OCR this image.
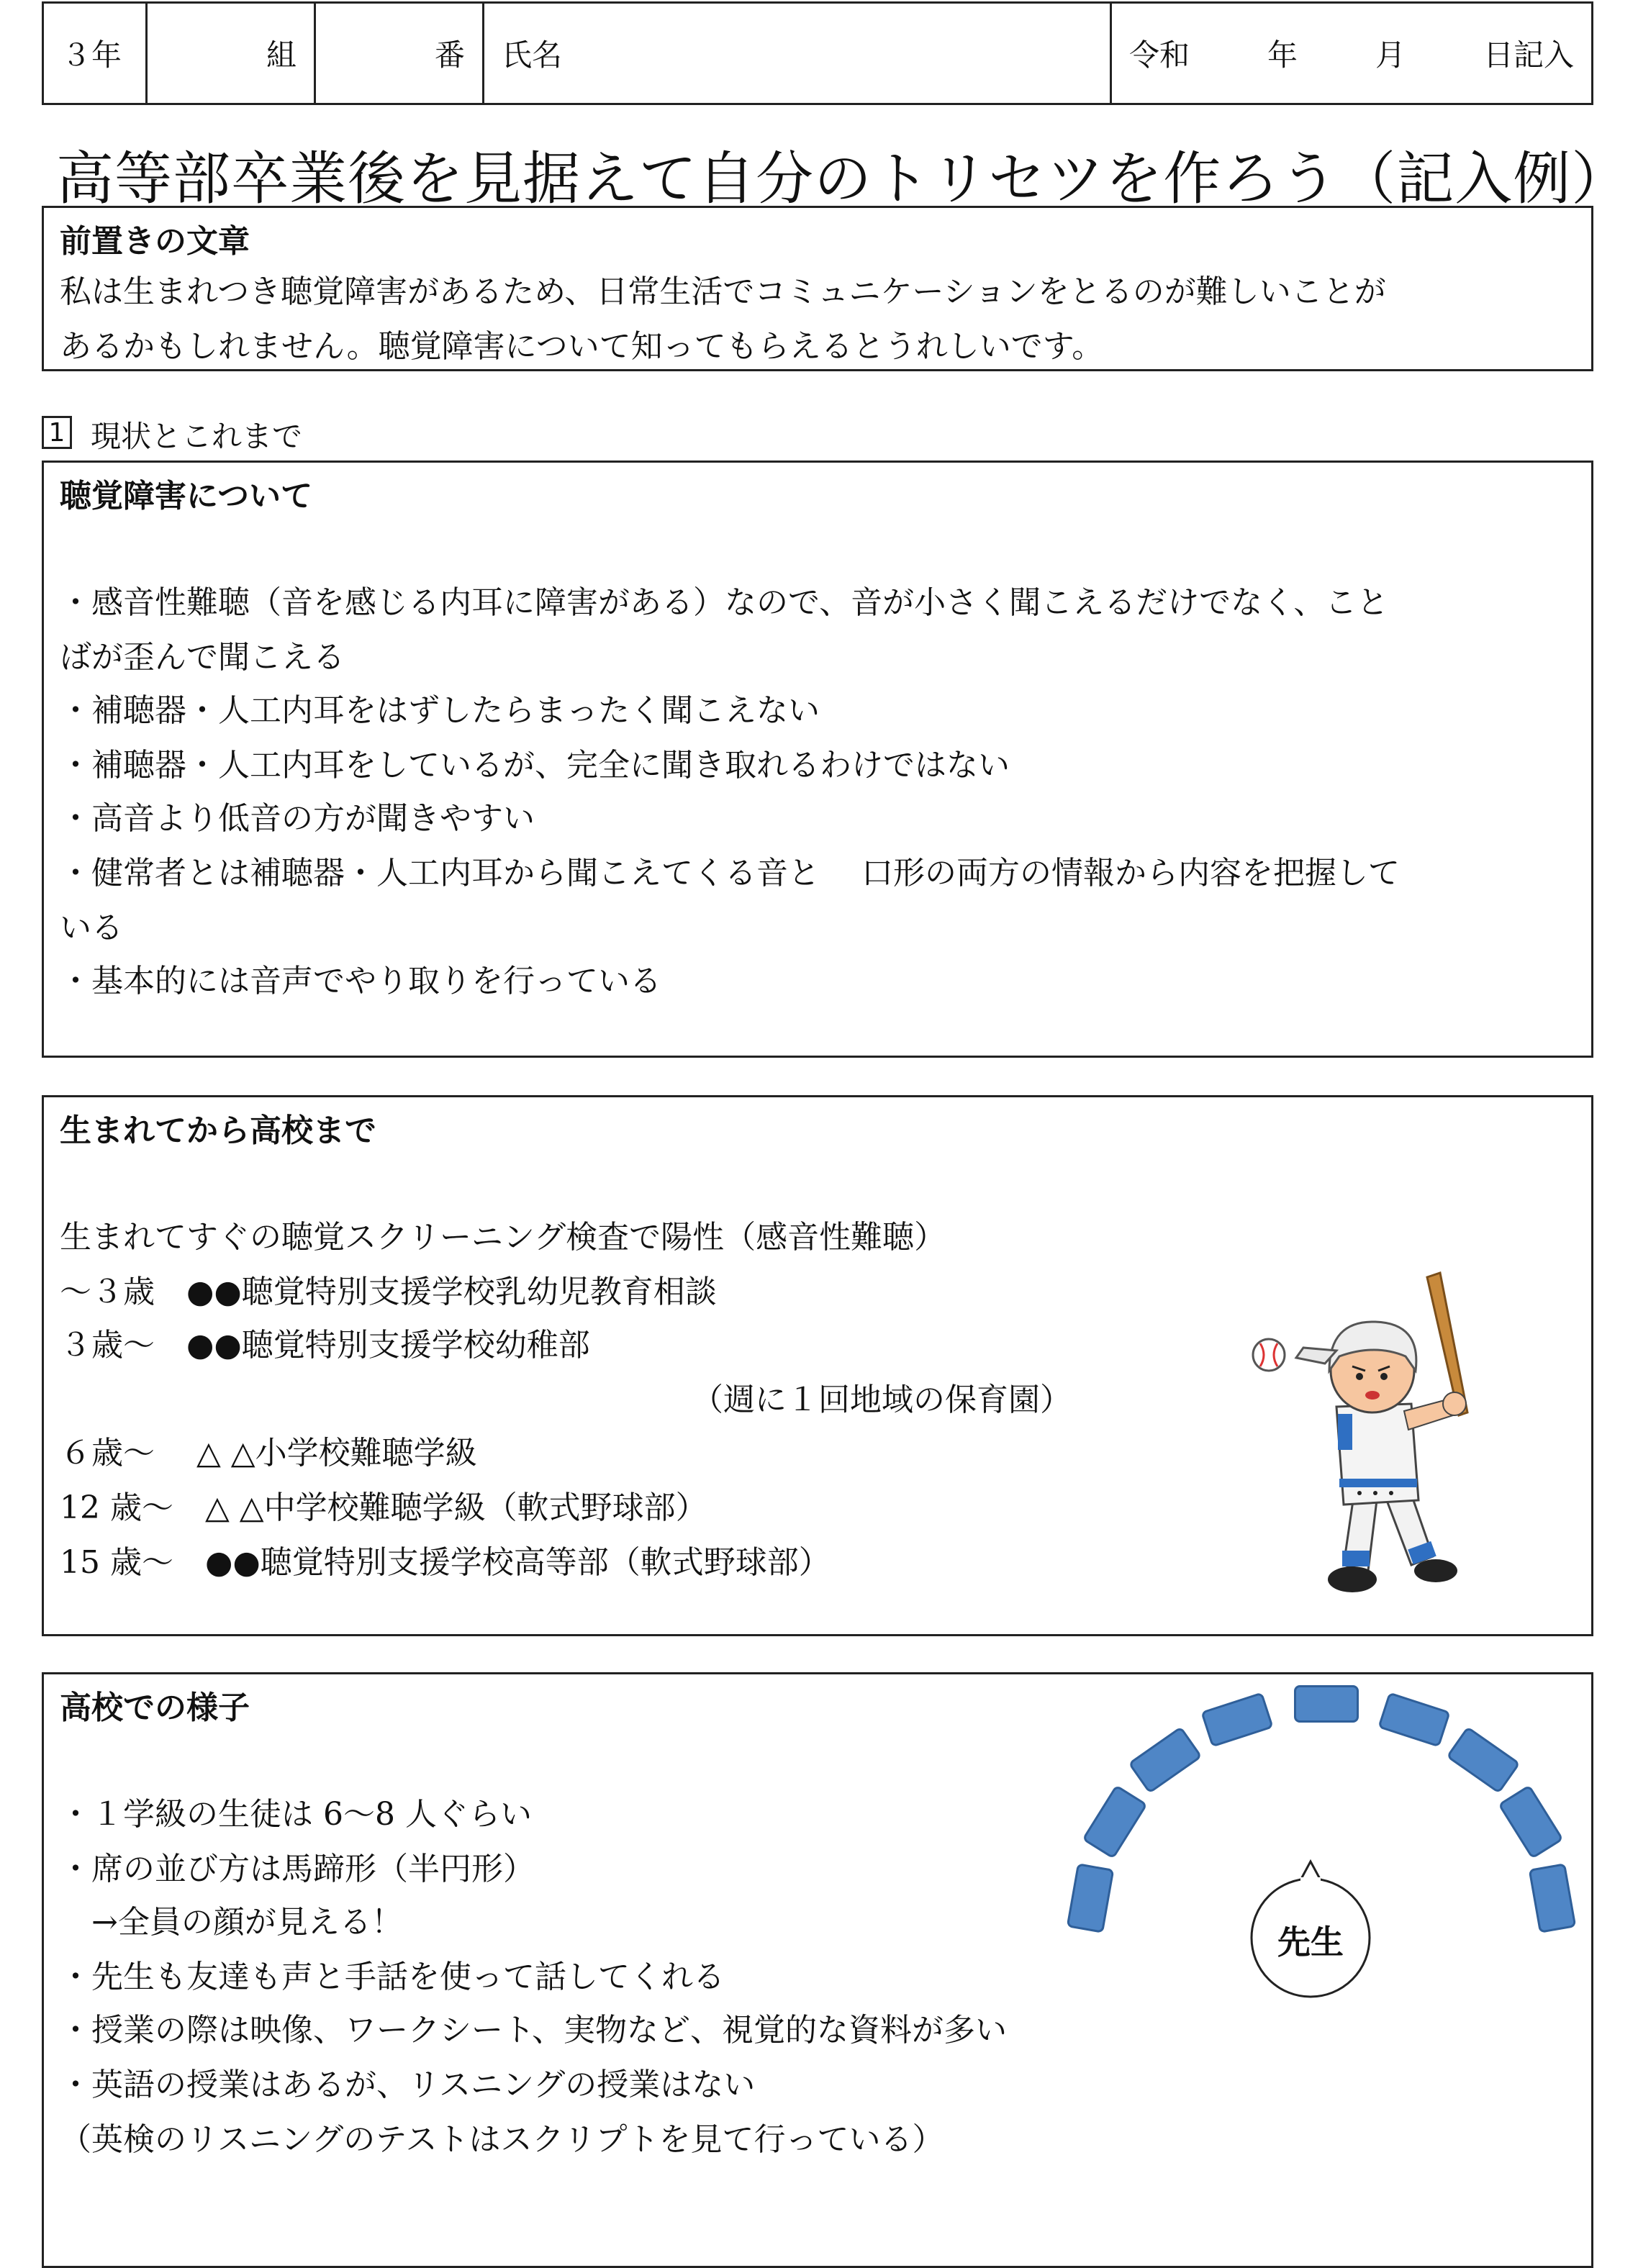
３年	組	番 氏名	令和	年	月	日記入
高等部卒業後を見据えて自分のトリセツを作ろう（記入例）
前置きの文章
私は生まれつき聴覚障害があるため、日常生活でコミュニケーションをとるのが難しいことが
あるかもしれません。聴覚障害について知ってもらえるとうれしいです。
1 現状とこれまで
聴覚障害について
・感音性難聴（音を感じる内耳に障害がある）なので、音が小さく聞こえるだけでなく、こと
ばが歪んで聞こえる
・補聴器・人工内耳をはずしたらまったく聞こえない
・補聴器・人工内耳をしているが、完全に聞き取れるわけではない
・高音より低音の方が聞きやすい
・健常者とは補聴器・人工内耳から聞こえてくる音と　 口形の両方の情報から内容を把握して
いる
・基本的には音声でやり取りを行っている
生まれてから高校まで
生まれてすぐの聴覚スクリーニング検査で陽性（感音性難聴）
～３歳　●●聴覚特別支援学校乳幼児教育相談
３歳～　●●聴覚特別支援学校幼稚部
（週に１回地域の保育園）
６歳～　 △ △小学校難聴学級
12 歳～　△ △中学校難聴学級（軟式野球部）
15 歳～　●●聴覚特別支援学校高等部（軟式野球部）
高校での様子
・１学級の生徒は 6～8 人ぐらい
・席の並び方は馬蹄形（半円形）
　→全員の顔が見える！
・先生も友達も声と手話を使って話してくれる
・授業の際は映像、ワークシート、実物など、視覚的な資料が多い
・英語の授業はあるが、リスニングの授業はない
（英検のリスニングのテストはスクリプトを見て行っている）
先生
